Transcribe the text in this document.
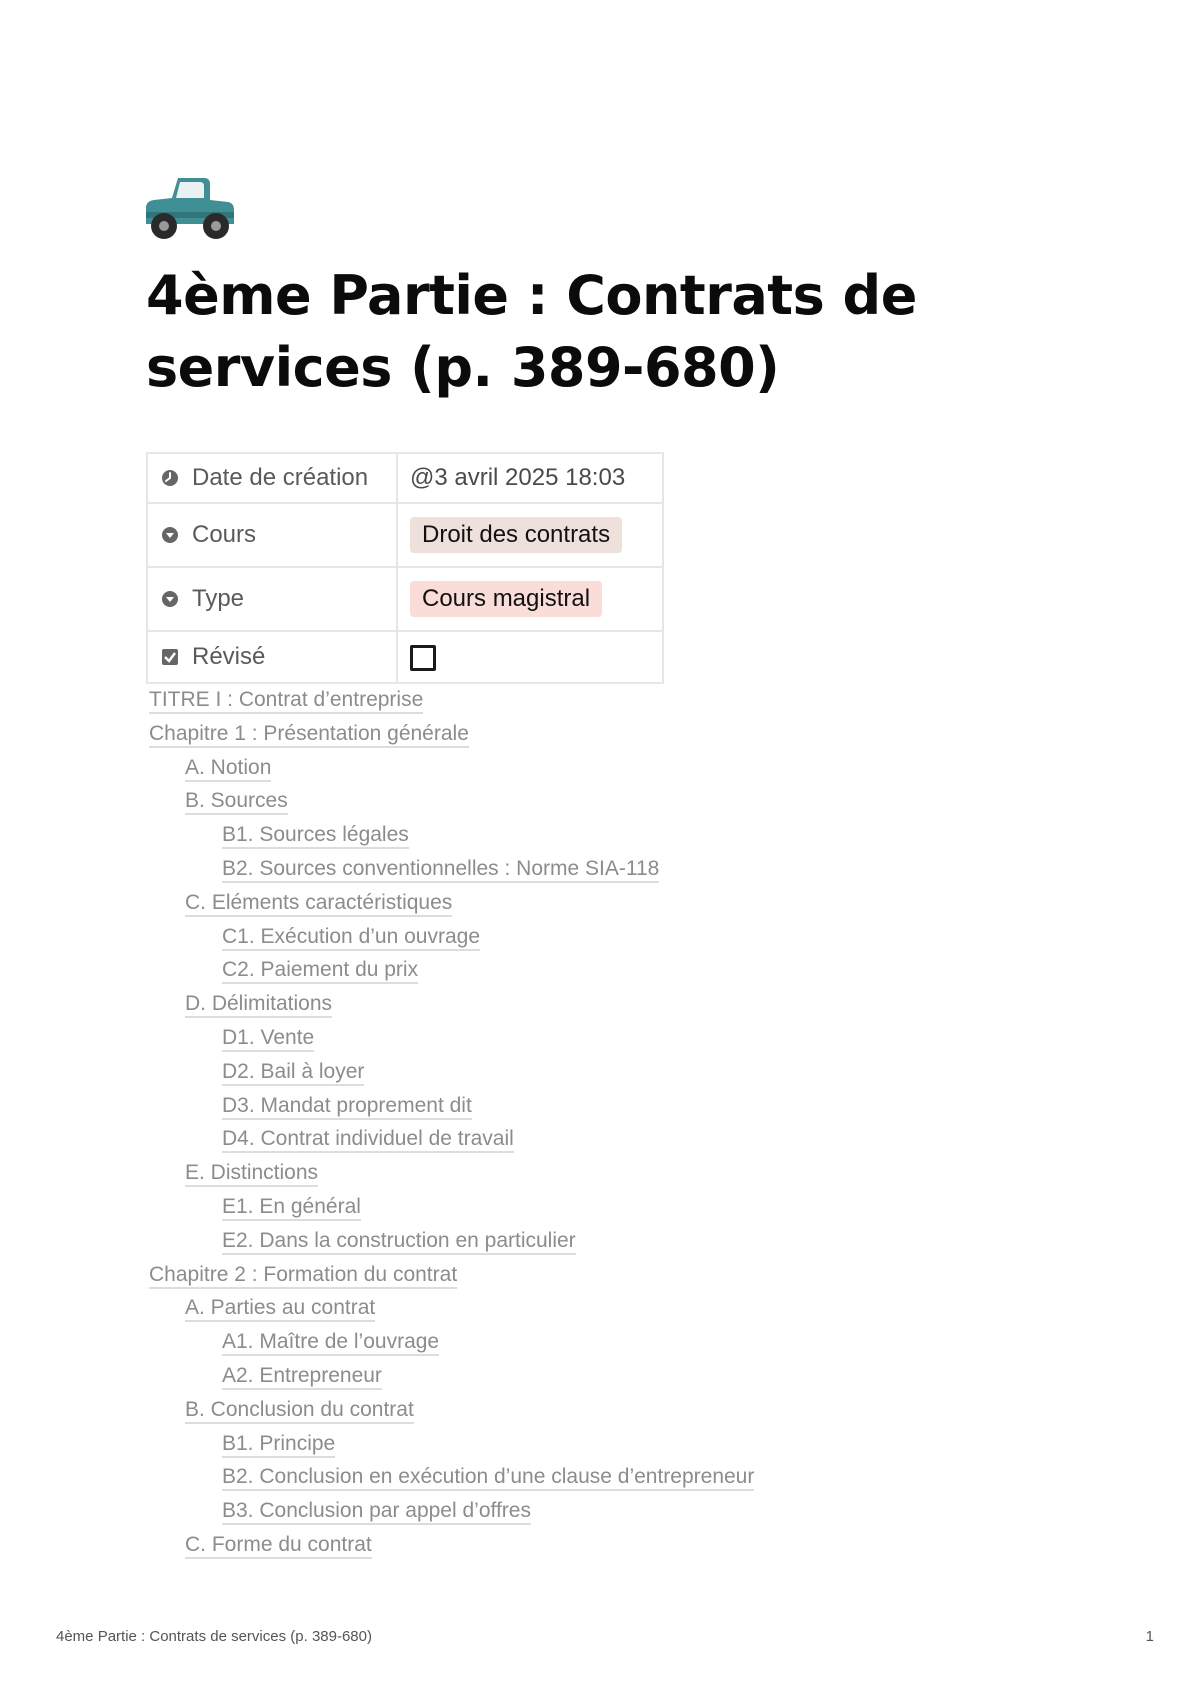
4ème Partie : Contrats de services (p. 389-680)
Date de création	@3 avril 2025 18:03

Cours	Droit des contrats

Type	Cours magistral

Révisé	

TITRE I : Contrat d’entreprise
Chapitre 1 : Présentation générale
A. Notion
B. Sources
B1. Sources légales
B2. Sources conventionnelles : Norme SIA-118
C. Eléments caractéristiques
C1. Exécution d’un ouvrage
C2. Paiement du prix
D. Délimitations
D1. Vente
D2. Bail à loyer
D3. Mandat proprement dit
D4. Contrat individuel de travail
E. Distinctions
E1. En général
E2. Dans la construction en particulier
Chapitre 2 : Formation du contrat
A. Parties au contrat
A1. Maître de l’ouvrage
A2. Entrepreneur
B. Conclusion du contrat
B1. Principe
B2. Conclusion en exécution d’une clause d’entrepreneur
B3. Conclusion par appel d’offres
C. Forme du contrat
4ème Partie : Contrats de services (p. 389-680)	1
